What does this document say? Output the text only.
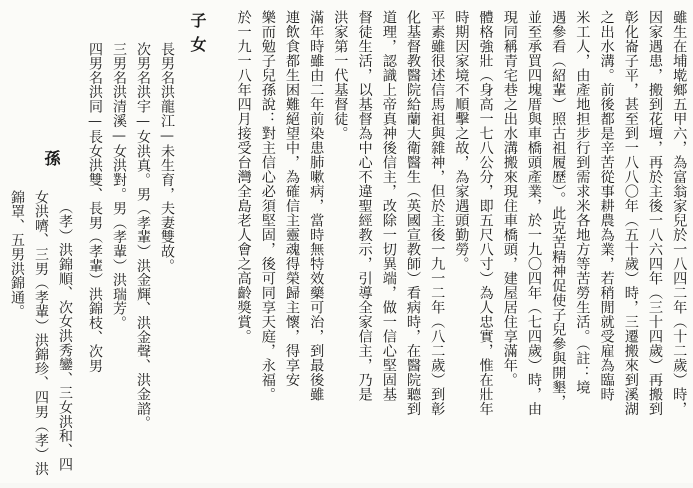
雖生在埔墘鄉五甲六，為富翁家兒於一八四二年（十二歲）時，
因家遇患，搬到花壇，再於主後一八六四年（三十四歲）再搬到
彰化崙子平，甚至到一八八〇年（五十歲）時，三遷搬來到溪湖
之出水溝。前後都是辛苦從事耕農為業，若稍閒就受雇為臨時
米工人，由產地担步行到需求米各地方等苦勞生活。（註：境
遇參看（紹輩）照古祖履歷）。此克苦精神促使子兒參與開墾，
並至承買四塊厝與車橋頭產業，於一九〇四年（七四歲）時，由
現同稱青宅巷之出水溝搬來現住車橋頭，建屋居住享滿年。
體格強壯（身高一七八公分，即五尺八寸）為人忠實，惟在壯年
時期因家境不順擊之故，為家遇頭勤勞。
平素雖很述信馬祖與雜神，但於主後一九一二年（八二歲）到彰
化基督教醫院給蘭大衛醫生（英國宣教師）看病時，在醫院聽到
道理，認識上帝真神後信主，改除一切異端，做一信心堅固基
督徒生活，以基督為中心不違聖經教示，引導全家信主，乃是
洪家第一代基督徒。
滿年時雖由二年前染患肺嗽病，當時無特效藥可治，到最後雖
連飲食都生困難絕望中，為確信主靈魂得榮歸主懷，得享安
樂而勉子兒孫說：對主信心必須堅固，後可同享天庭，永福。
於一九一八年四月接受台灣全島老人會之高齡獎賞。
子女
長男名洪龍江—未生育，夫妻雙故。
次男名洪宇—女洪真。男（孝輩）洪金輝、洪金聲、洪金諮。
三男名洪清溪—女洪對。男（孝輩）洪瑞芳。
四男名洪同—長女洪雙、長男（孝輩）洪錦枝、次男
孫
（孝）洪錦順、次女洪秀鑾、三女洪和、四
女洪嚌、三男（孝輩）洪錦珍、四男（孝）洪
錦罩、五男洪錦通。
